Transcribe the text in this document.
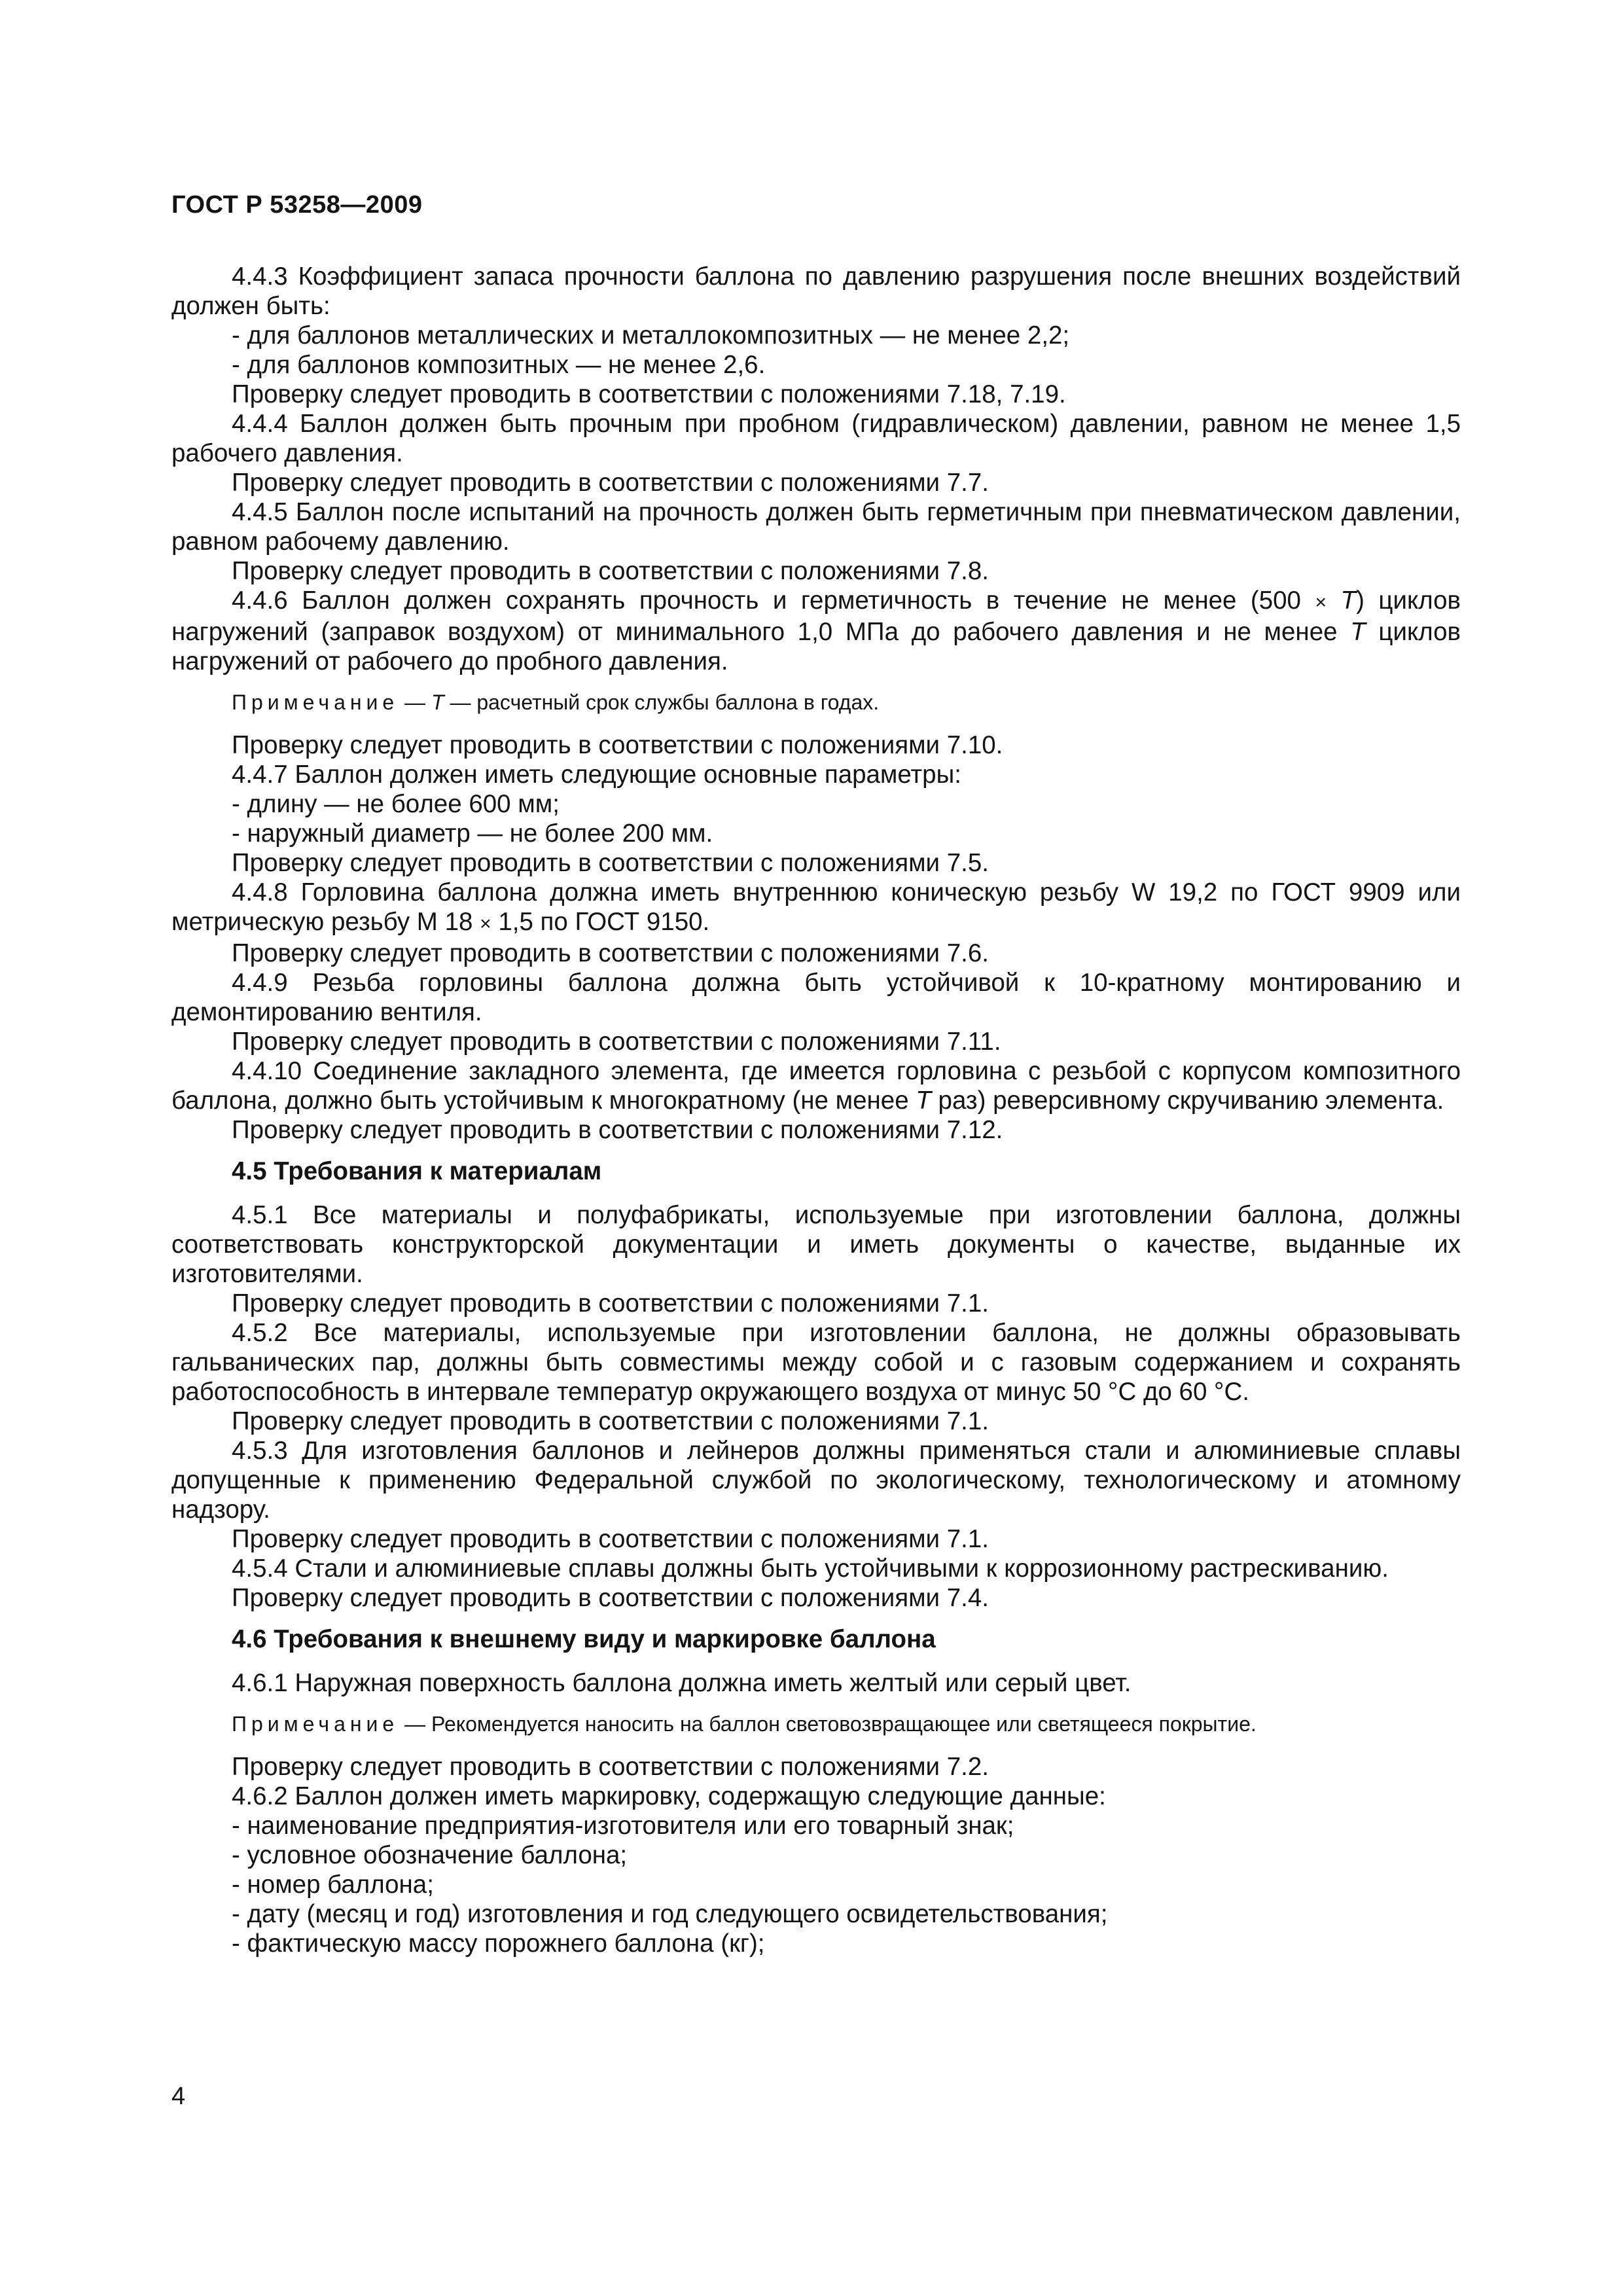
ГОСТ Р 53258—2009

4.4.3 Коэффициент запаса прочности баллона по давлению разрушения после внешних воздействий должен быть:

- для баллонов металлических и металлокомпозитных — не менее 2,2;

- для баллонов композитных — не менее 2,6.

Проверку следует проводить в соответствии с положениями 7.18, 7.19.

4.4.4 Баллон должен быть прочным при пробном (гидравлическом) давлении, равном не менее 1,5 рабочего давления.

Проверку следует проводить в соответствии с положениями 7.7.

4.4.5 Баллон после испытаний на прочность должен быть герметичным при пневматическом давлении, равном рабочему давлению.

Проверку следует проводить в соответствии с положениями 7.8.

4.4.6 Баллон должен сохранять прочность и герметичность в течение не менее (500 × T) циклов нагружений (заправок воздухом) от минимального 1,0 МПа до рабочего давления и не менее T циклов нагружений от рабочего до пробного давления.

Примечание — T — расчетный срок службы баллона в годах.

Проверку следует проводить в соответствии с положениями 7.10.

4.4.7 Баллон должен иметь следующие основные параметры:

- длину — не более 600 мм;

- наружный диаметр — не более 200 мм.

Проверку следует проводить в соответствии с положениями 7.5.

4.4.8 Горловина баллона должна иметь внутреннюю коническую резьбу W 19,2 по ГОСТ 9909 или метрическую резьбу М 18 × 1,5 по ГОСТ 9150.

Проверку следует проводить в соответствии с положениями 7.6.

4.4.9 Резьба горловины баллона должна быть устойчивой к 10-кратному монтированию и демонтированию вентиля.

Проверку следует проводить в соответствии с положениями 7.11.

4.4.10 Соединение закладного элемента, где имеется горловина с резьбой с корпусом композитного баллона, должно быть устойчивым к многократному (не менее T раз) реверсивному скручиванию элемента.

Проверку следует проводить в соответствии с положениями 7.12.

4.5 Требования к материалам

4.5.1 Все материалы и полуфабрикаты, используемые при изготовлении баллона, должны соответствовать конструкторской документации и иметь документы о качестве, выданные их изготовителями.

Проверку следует проводить в соответствии с положениями 7.1.

4.5.2 Все материалы, используемые при изготовлении баллона, не должны образовывать гальванических пар, должны быть совместимы между собой и с газовым содержанием и сохранять работоспособность в интервале температур окружающего воздуха от минус 50 °С до 60 °С.

Проверку следует проводить в соответствии с положениями 7.1.

4.5.3 Для изготовления баллонов и лейнеров должны применяться стали и алюминиевые сплавы допущенные к применению Федеральной службой по экологическому, технологическому и атомному надзору.

Проверку следует проводить в соответствии с положениями 7.1.

4.5.4 Стали и алюминиевые сплавы должны быть устойчивыми к коррозионному растрескиванию.

Проверку следует проводить в соответствии с положениями 7.4.

4.6 Требования к внешнему виду и маркировке баллона

4.6.1 Наружная поверхность баллона должна иметь желтый или серый цвет.

Примечание — Рекомендуется наносить на баллон световозвращающее или светящееся покрытие.

Проверку следует проводить в соответствии с положениями 7.2.

4.6.2 Баллон должен иметь маркировку, содержащую следующие данные:

- наименование предприятия-изготовителя или его товарный знак;

- условное обозначение баллона;

- номер баллона;

- дату (месяц и год) изготовления и год следующего освидетельствования;

- фактическую массу порожнего баллона (кг);

4
